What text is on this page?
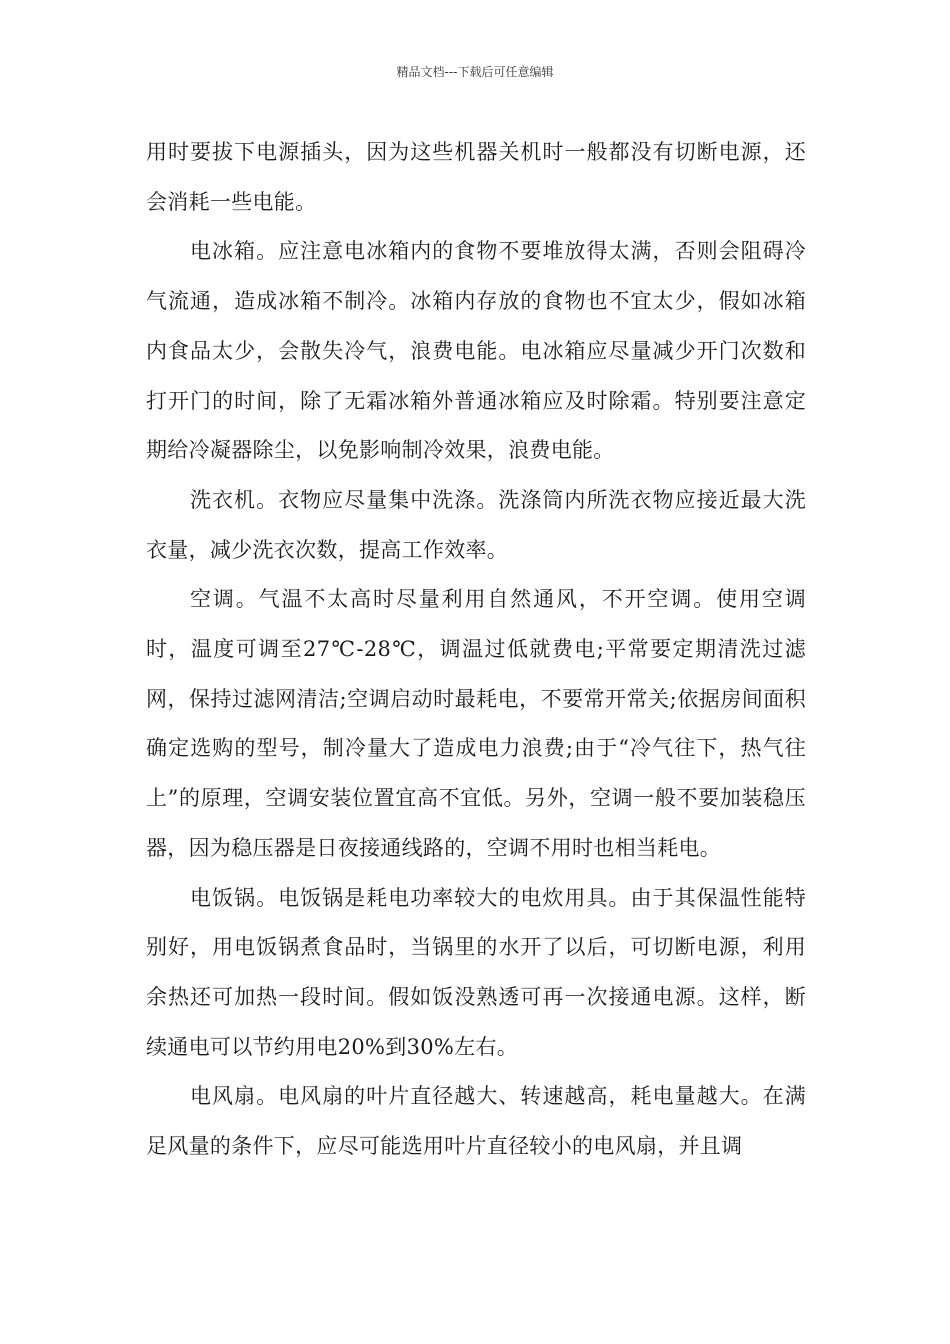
精品文档---下载后可任意编辑

用时要拔下电源插头，因为这些机器关机时一般都没有切断电源，还会消耗一些电能。

电冰箱。应注意电冰箱内的食物不要堆放得太满，否则会阻碍冷气流通，造成冰箱不制冷。冰箱内存放的食物也不宜太少，假如冰箱内食品太少，会散失冷气，浪费电能。电冰箱应尽量减少开门次数和打开门的时间，除了无霜冰箱外普通冰箱应及时除霜。特别要注意定期给冷凝器除尘，以免影响制冷效果，浪费电能。

洗衣机。衣物应尽量集中洗涤。洗涤筒内所洗衣物应接近最大洗衣量，减少洗衣次数，提高工作效率。

空调。气温不太高时尽量利用自然通风，不开空调。使用空调时，温度可调至27℃-28℃，调温过低就费电;平常要定期清洗过滤网，保持过滤网清洁;空调启动时最耗电，不要常开常关;依据房间面积确定选购的型号，制冷量大了造成电力浪费;由于“冷气往下，热气往上”的原理，空调安装位置宜高不宜低。另外，空调一般不要加装稳压器，因为稳压器是日夜接通线路的，空调不用时也相当耗电。

电饭锅。电饭锅是耗电功率较大的电炊用具。由于其保温性能特别好，用电饭锅煮食品时，当锅里的水开了以后，可切断电源，利用余热还可加热一段时间。假如饭没熟透可再一次接通电源。这样，断续通电可以节约用电20%到30%左右。

电风扇。电风扇的叶片直径越大、转速越高，耗电量越大。在满足风量的条件下，应尽可能选用叶片直径较小的电风扇，并且调
